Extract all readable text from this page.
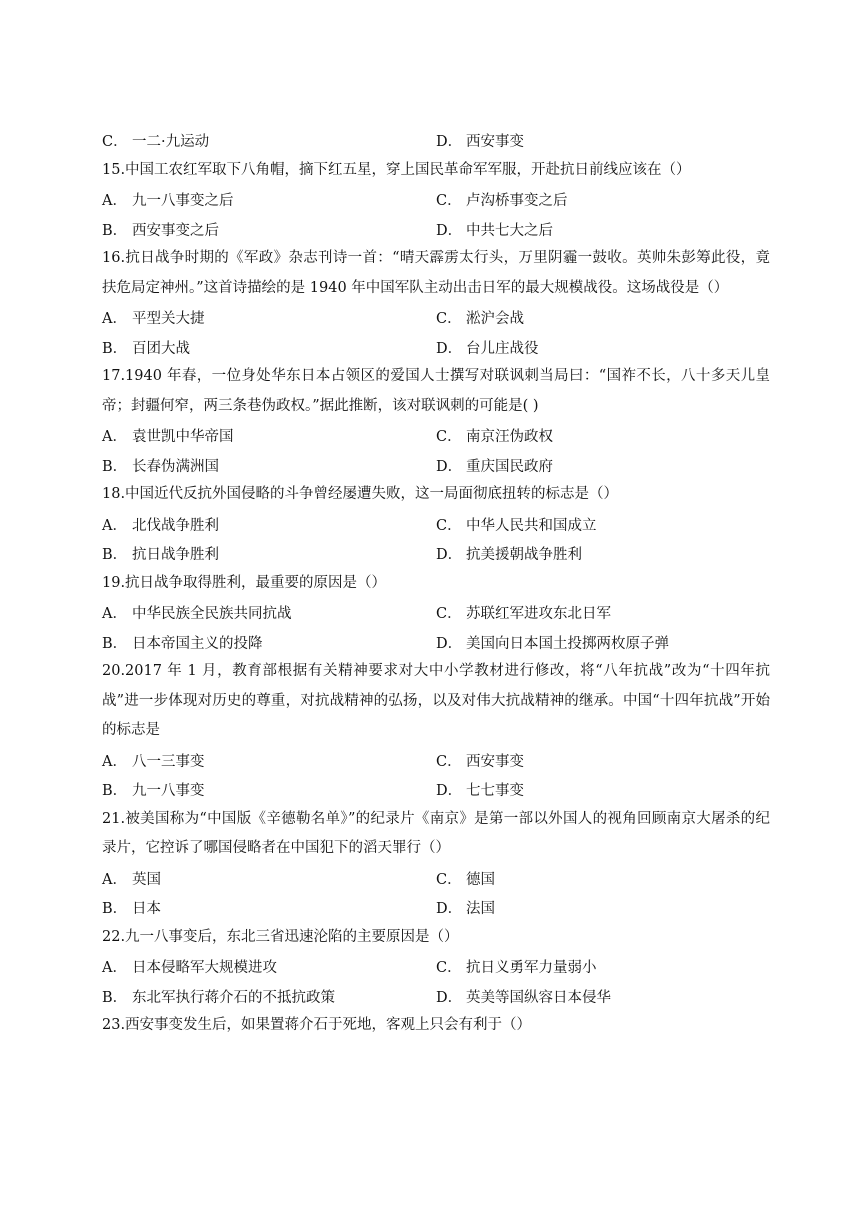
C． 一二·九运动	D． 西安事变
15.中国工农红军取下八角帽，摘下红五星，穿上国民革命军军服，开赴抗日前线应该在（）
A． 九一八事变之后	C． 卢沟桥事变之后
B． 西安事变之后	D． 中共七大之后
16.抗日战争时期的《军政》杂志刊诗一首：“晴天霹雳太行头，万里阴霾一鼓收。英帅朱彭筹此役，竟扶危局定神州。”这首诗描绘的是 1940 年中国军队主动出击日军的最大规模战役。这场战役是（）
A． 平型关大捷	C． 淞沪会战
B． 百团大战	D． 台儿庄战役
17.1940 年春，一位身处华东日本占领区的爱国人士撰写对联讽刺当局曰：“国祚不长，八十多天儿皇帝；封疆何窄，两三条巷伪政权。”据此推断，该对联讽刺的可能是( )
A． 袁世凯中华帝国	C． 南京汪伪政权
B． 长春伪满洲国	D． 重庆国民政府
18.中国近代反抗外国侵略的斗争曾经屡遭失败，这一局面彻底扭转的标志是（）
A． 北伐战争胜利	C． 中华人民共和国成立
B． 抗日战争胜利	D． 抗美援朝战争胜利
19.抗日战争取得胜利，最重要的原因是（）
A． 中华民族全民族共同抗战	C． 苏联红军进攻东北日军
B． 日本帝国主义的投降	D． 美国向日本国土投掷两枚原子弹
20.2017 年 1 月，教育部根据有关精神要求对大中小学教材进行修改，将“八年抗战”改为“十四年抗战”进一步体现对历史的尊重，对抗战精神的弘扬，以及对伟大抗战精神的继承。中国“十四年抗战”开始的标志是
A． 八一三事变	C． 西安事变
B． 九一八事变	D． 七七事变
21.被美国称为“中国版《辛德勒名单》”的纪录片《南京》是第一部以外国人的视角回顾南京大屠杀的纪录片，它控诉了哪国侵略者在中国犯下的滔天罪行（）
A． 英国	C． 德国
B． 日本	D． 法国
22.九一八事变后，东北三省迅速沦陷的主要原因是（）
A． 日本侵略军大规模进攻	C． 抗日义勇军力量弱小
B． 东北军执行蒋介石的不抵抗政策	D． 英美等国纵容日本侵华
23.西安事变发生后，如果置蒋介石于死地，客观上只会有利于（）
